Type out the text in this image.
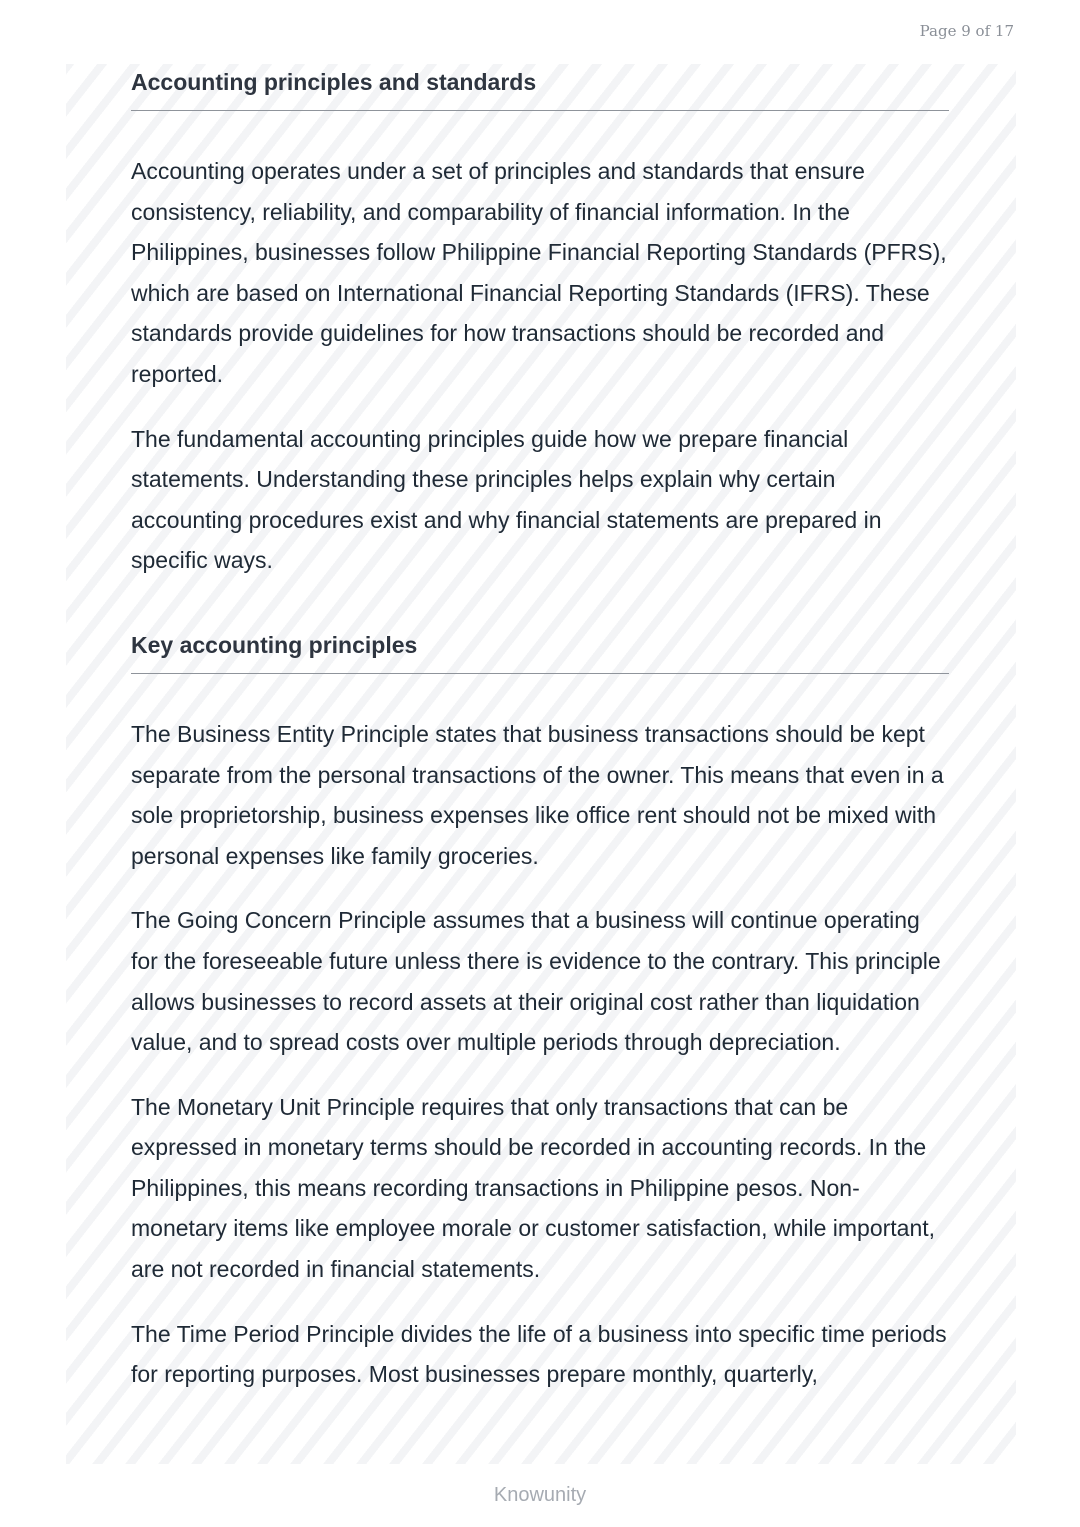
Page 9 of 17
Accounting principles and standards

Accounting operates under a set of principles and standards that ensure consistency, reliability, and comparability of financial information. In the Philippines, businesses follow Philippine Financial Reporting Standards (PFRS), which are based on International Financial Reporting Standards (IFRS). These standards provide guidelines for how transactions should be recorded and reported.

The fundamental accounting principles guide how we prepare financial statements. Understanding these principles helps explain why certain accounting procedures exist and why financial statements are prepared in specific ways.

Key accounting principles

The Business Entity Principle states that business transactions should be kept separate from the personal transactions of the owner. This means that even in a sole proprietorship, business expenses like office rent should not be mixed with personal expenses like family groceries.

The Going Concern Principle assumes that a business will continue operating for the foreseeable future unless there is evidence to the contrary. This principle allows businesses to record assets at their original cost rather than liquidation value, and to spread costs over multiple periods through depreciation.

The Monetary Unit Principle requires that only transactions that can be expressed in monetary terms should be recorded in accounting records. In the Philippines, this means recording transactions in Philippine pesos. Non-monetary items like employee morale or customer satisfaction, while important, are not recorded in financial statements.

The Time Period Principle divides the life of a business into specific time periods for reporting purposes. Most businesses prepare monthly, quarterly,

Knowunity
